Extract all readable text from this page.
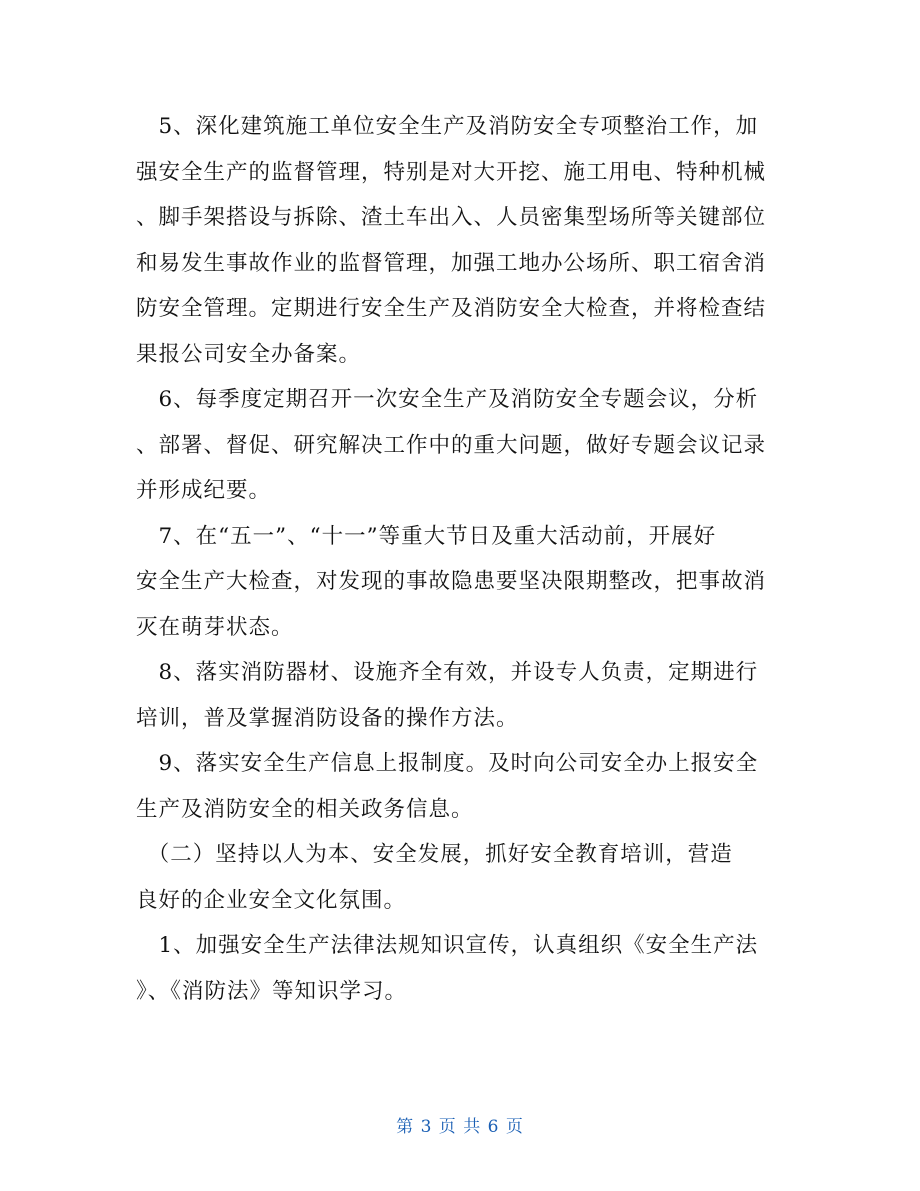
　5、深化建筑施工单位安全生产及消防安全专项整治工作，加
强安全生产的监督管理，特别是对大开挖、施工用电、特种机械
、脚手架搭设与拆除、渣土车出入、人员密集型场所等关键部位
和易发生事故作业的监督管理，加强工地办公场所、职工宿舍消
防安全管理。定期进行安全生产及消防安全大检查，并将检查结
果报公司安全办备案。

　6、每季度定期召开一次安全生产及消防安全专题会议，分析
、部署、督促、研究解决工作中的重大问题，做好专题会议记录
并形成纪要。

　7、在“五一”、“十一”等重大节日及重大活动前，开展好
安全生产大检查，对发现的事故隐患要坚决限期整改，把事故消
灭在萌芽状态。

　8、落实消防器材、设施齐全有效，并设专人负责，定期进行
培训，普及掌握消防设备的操作方法。

　9、落实安全生产信息上报制度。及时向公司安全办上报安全
生产及消防安全的相关政务信息。

　（二）坚持以人为本、安全发展，抓好安全教育培训，营造
良好的企业安全文化氛围。

　1、加强安全生产法律法规知识宣传，认真组织《安全生产法
》、《消防法》等知识学习。

第 3 页 共 6 页
